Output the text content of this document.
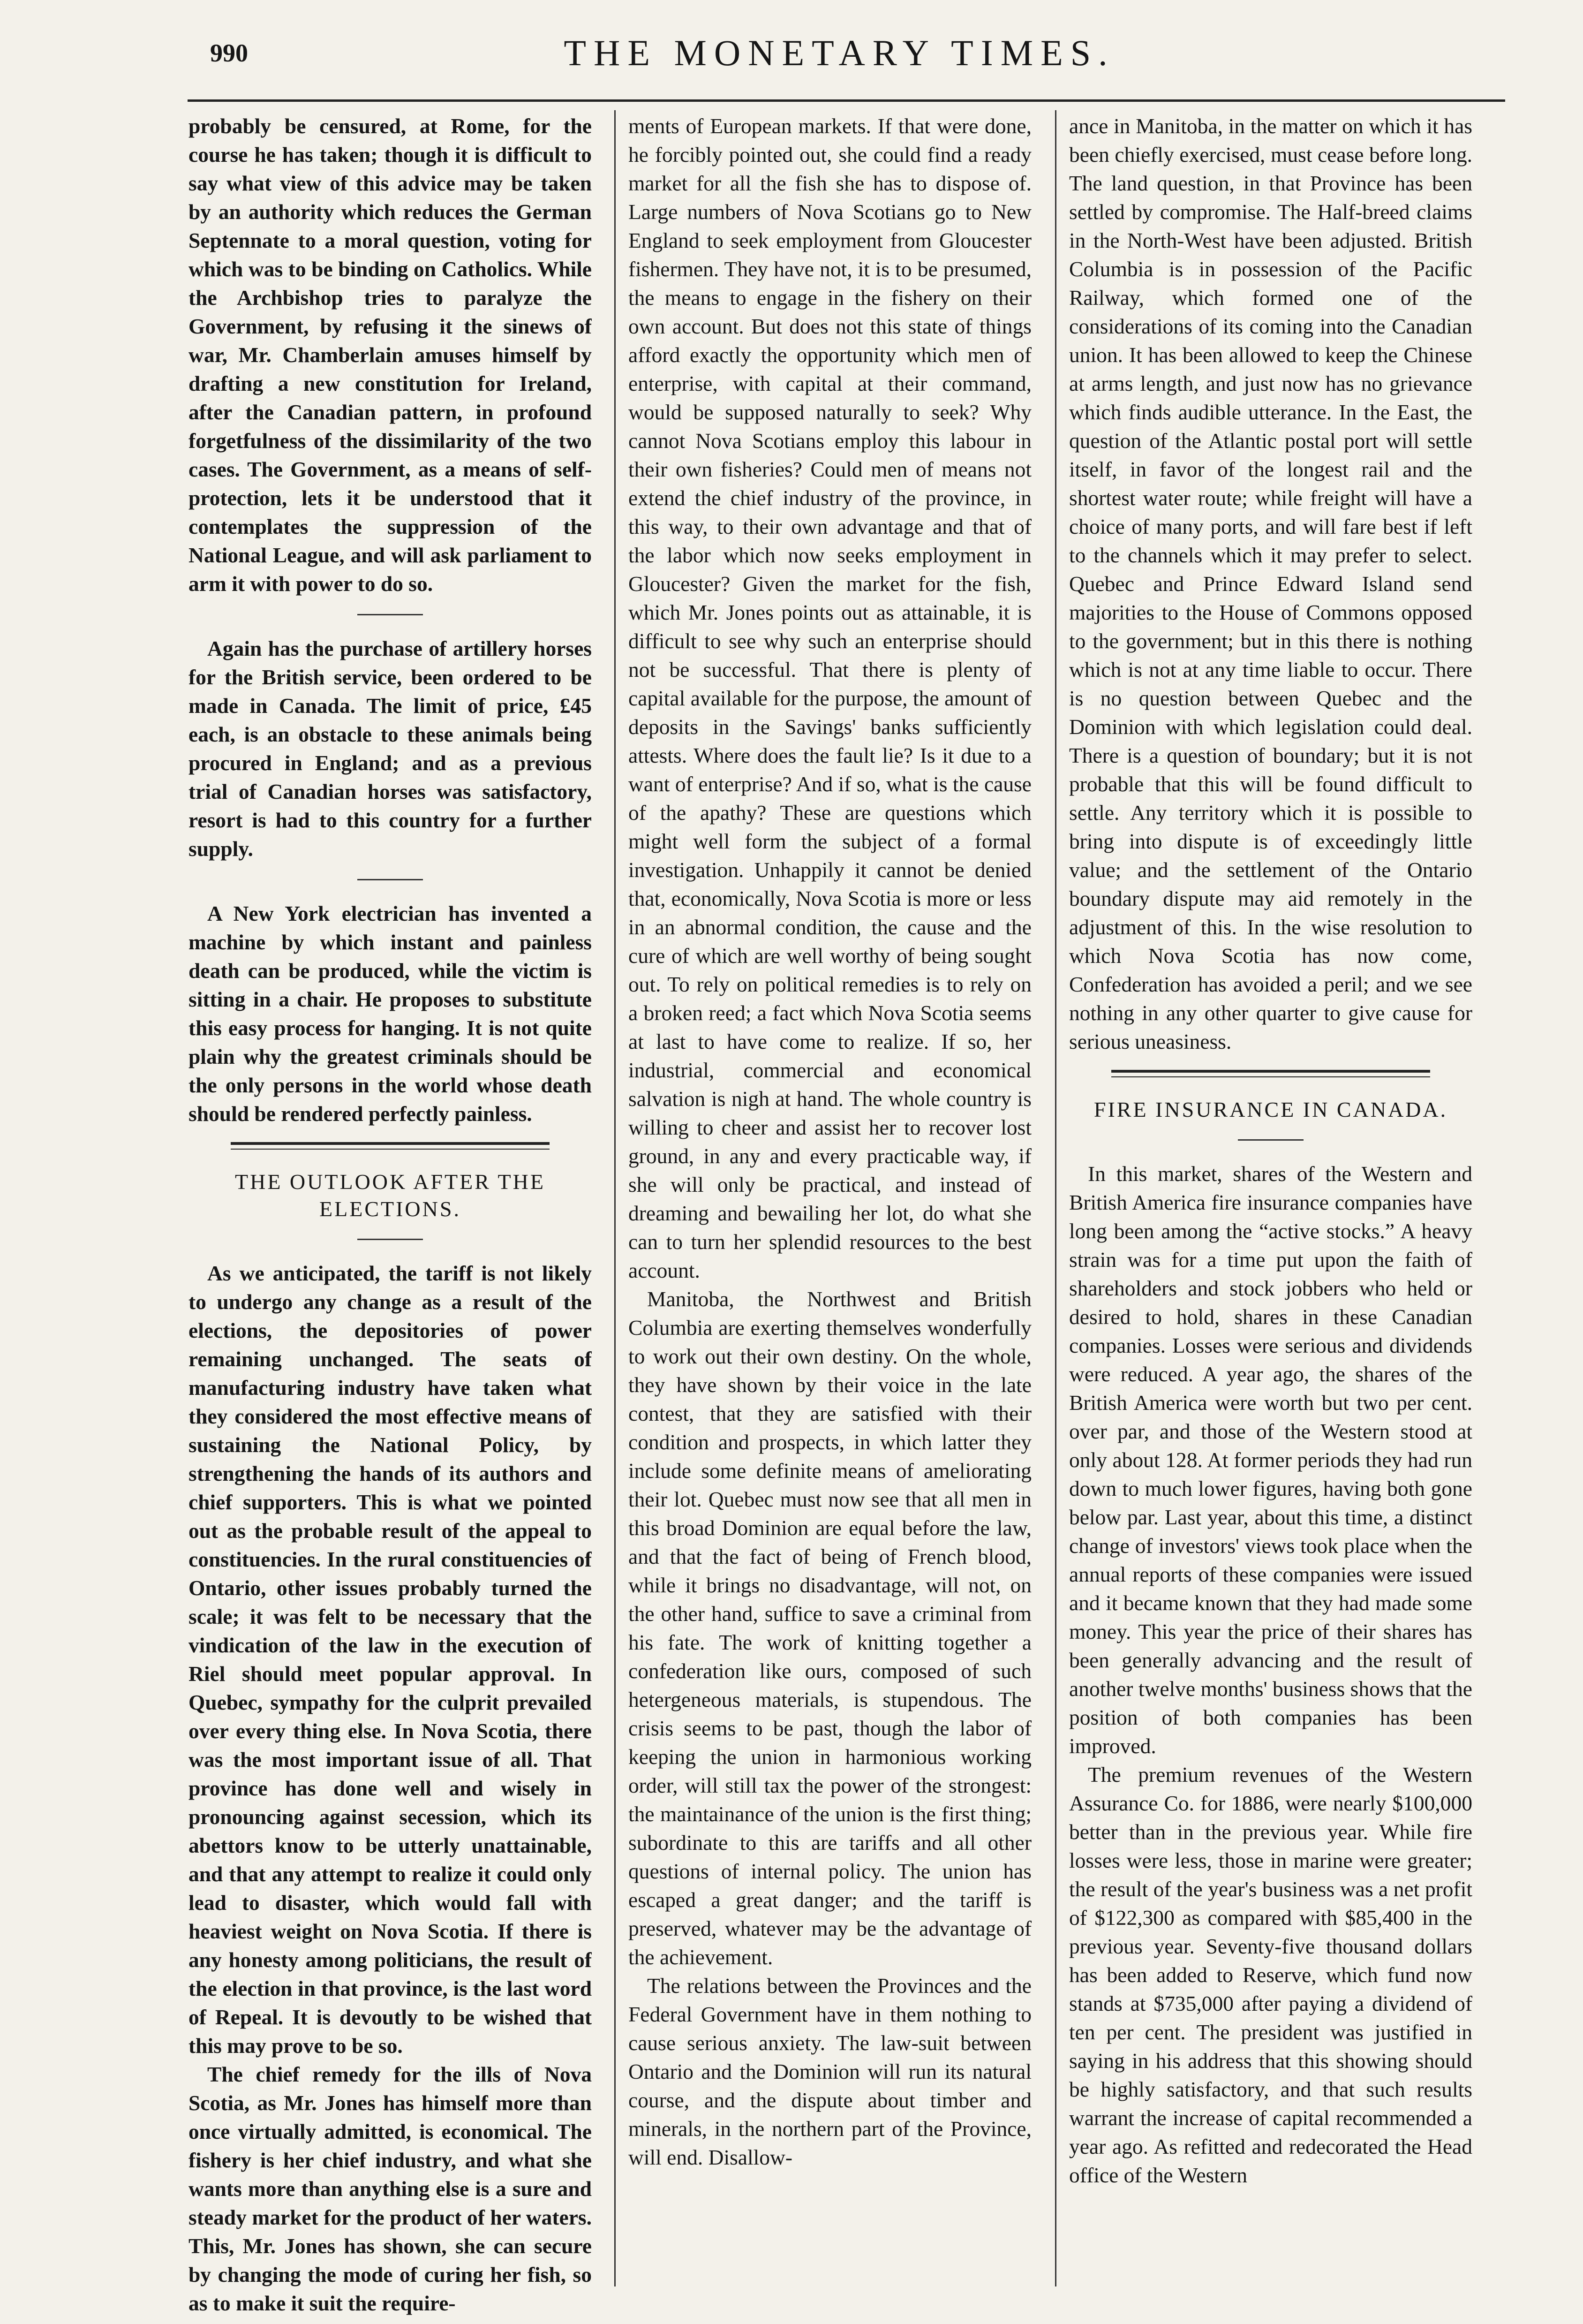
990	THE MONETARY TIMES.

probably be censured, at Rome, for the course he has taken; though it is difficult to say what view of this advice may be taken by an authority which reduces the German Septennate to a moral question, voting for which was to be binding on Catholics. While the Archbishop tries to paralyze the Government, by refusing it the sinews of war, Mr. Chamberlain amuses himself by drafting a new constitution for Ireland, after the Canadian pattern, in profound forgetfulness of the dissimilarity of the two cases. The Government, as a means of self-protection, lets it be understood that it contemplates the suppression of the National League, and will ask parliament to arm it with power to do so.

Again has the purchase of artillery horses for the British service, been ordered to be made in Canada. The limit of price, £45 each, is an obstacle to these animals being procured in England; and as a previous trial of Canadian horses was satisfactory, resort is had to this country for a further supply.

A New York electrician has invented a machine by which instant and painless death can be produced, while the victim is sitting in a chair. He proposes to substitute this easy process for hanging. It is not quite plain why the greatest criminals should be the only persons in the world whose death should be rendered perfectly painless.

THE OUTLOOK AFTER THE ELECTIONS.

As we anticipated, the tariff is not likely to undergo any change as a result of the elections, the depositories of power remaining unchanged. The seats of manufacturing industry have taken what they considered the most effective means of sustaining the National Policy, by strengthening the hands of its authors and chief supporters. This is what we pointed out as the probable result of the appeal to constituencies. In the rural constituencies of Ontario, other issues probably turned the scale; it was felt to be necessary that the vindication of the law in the execution of Riel should meet popular approval. In Quebec, sympathy for the culprit prevailed over every thing else. In Nova Scotia, there was the most important issue of all. That province has done well and wisely in pronouncing against secession, which its abettors know to be utterly unattainable, and that any attempt to realize it could only lead to disaster, which would fall with heaviest weight on Nova Scotia. If there is any honesty among politicians, the result of the election in that province, is the last word of Repeal. It is devoutly to be wished that this may prove to be so.

The chief remedy for the ills of Nova Scotia, as Mr. Jones has himself more than once virtually admitted, is economical. The fishery is her chief industry, and what she wants more than anything else is a sure and steady market for the product of her waters. This, Mr. Jones has shown, she can secure by changing the mode of curing her fish, so as to make it suit the require-

ments of European markets. If that were done, he forcibly pointed out, she could find a ready market for all the fish she has to dispose of. Large numbers of Nova Scotians go to New England to seek employment from Gloucester fishermen. They have not, it is to be presumed, the means to engage in the fishery on their own account. But does not this state of things afford exactly the opportunity which men of enterprise, with capital at their command, would be supposed naturally to seek? Why cannot Nova Scotians employ this labour in their own fisheries? Could men of means not extend the chief industry of the province, in this way, to their own advantage and that of the labor which now seeks employment in Gloucester? Given the market for the fish, which Mr. Jones points out as attainable, it is difficult to see why such an enterprise should not be successful. That there is plenty of capital available for the purpose, the amount of deposits in the Savings' banks sufficiently attests. Where does the fault lie? Is it due to a want of enterprise? And if so, what is the cause of the apathy? These are questions which might well form the subject of a formal investigation. Unhappily it cannot be denied that, economically, Nova Scotia is more or less in an abnormal condition, the cause and the cure of which are well worthy of being sought out. To rely on political remedies is to rely on a broken reed; a fact which Nova Scotia seems at last to have come to realize. If so, her industrial, commercial and economical salvation is nigh at hand. The whole country is willing to cheer and assist her to recover lost ground, in any and every practicable way, if she will only be practical, and instead of dreaming and bewailing her lot, do what she can to turn her splendid resources to the best account.

Manitoba, the Northwest and British Columbia are exerting themselves wonderfully to work out their own destiny. On the whole, they have shown by their voice in the late contest, that they are satisfied with their condition and prospects, in which latter they include some definite means of ameliorating their lot. Quebec must now see that all men in this broad Dominion are equal before the law, and that the fact of being of French blood, while it brings no disadvantage, will not, on the other hand, suffice to save a criminal from his fate. The work of knitting together a confederation like ours, composed of such hetergeneous materials, is stupendous. The crisis seems to be past, though the labor of keeping the union in harmonious working order, will still tax the power of the strongest: the maintainance of the union is the first thing; subordinate to this are tariffs and all other questions of internal policy. The union has escaped a great danger; and the tariff is preserved, whatever may be the advantage of the achievement.

The relations between the Provinces and the Federal Government have in them nothing to cause serious anxiety. The law-suit between Ontario and the Dominion will run its natural course, and the dispute about timber and minerals, in the northern part of the Province, will end. Disallow-

ance in Manitoba, in the matter on which it has been chiefly exercised, must cease before long. The land question, in that Province has been settled by compromise. The Half-breed claims in the North-West have been adjusted. British Columbia is in possession of the Pacific Railway, which formed one of the considerations of its coming into the Canadian union. It has been allowed to keep the Chinese at arms length, and just now has no grievance which finds audible utterance. In the East, the question of the Atlantic postal port will settle itself, in favor of the longest rail and the shortest water route; while freight will have a choice of many ports, and will fare best if left to the channels which it may prefer to select. Quebec and Prince Edward Island send majorities to the House of Commons opposed to the government; but in this there is nothing which is not at any time liable to occur. There is no question between Quebec and the Dominion with which legislation could deal. There is a question of boundary; but it is not probable that this will be found difficult to settle. Any territory which it is possible to bring into dispute is of exceedingly little value; and the settlement of the Ontario boundary dispute may aid remotely in the adjustment of this. In the wise resolution to which Nova Scotia has now come, Confederation has avoided a peril; and we see nothing in any other quarter to give cause for serious uneasiness.

FIRE INSURANCE IN CANADA.

In this market, shares of the Western and British America fire insurance companies have long been among the “active stocks.” A heavy strain was for a time put upon the faith of shareholders and stock jobbers who held or desired to hold, shares in these Canadian companies. Losses were serious and dividends were reduced. A year ago, the shares of the British America were worth but two per cent. over par, and those of the Western stood at only about 128. At former periods they had run down to much lower figures, having both gone below par. Last year, about this time, a distinct change of investors' views took place when the annual reports of these companies were issued and it became known that they had made some money. This year the price of their shares has been generally advancing and the result of another twelve months' business shows that the position of both companies has been improved.

The premium revenues of the Western Assurance Co. for 1886, were nearly $100,000 better than in the previous year. While fire losses were less, those in marine were greater; the result of the year's business was a net profit of $122,300 as compared with $85,400 in the previous year. Seventy-five thousand dollars has been added to Reserve, which fund now stands at $735,000 after paying a dividend of ten per cent. The president was justified in saying in his address that this showing should be highly satisfactory, and that such results warrant the increase of capital recommended a year ago. As refitted and redecorated the Head office of the Western
